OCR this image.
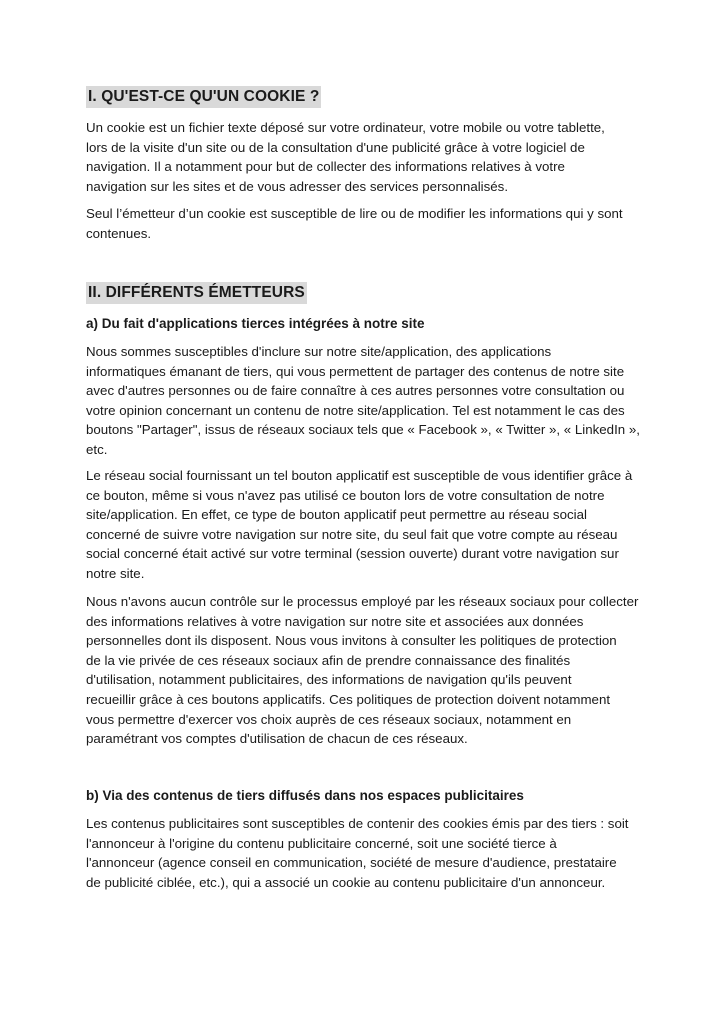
I. QU'EST-CE QU'UN COOKIE ?

Un cookie est un fichier texte déposé sur votre ordinateur, votre mobile ou votre tablette,
lors de la visite d'un site ou de la consultation d'une publicité grâce à votre logiciel de
navigation. Il a notamment pour but de collecter des informations relatives à votre
navigation sur les sites et de vous adresser des services personnalisés.

Seul l’émetteur d’un cookie est susceptible de lire ou de modifier les informations qui y sont
contenues.

II. DIFFÉRENTS ÉMETTEURS
a) Du fait d'applications tierces intégrées à notre site

Nous sommes susceptibles d'inclure sur notre site/application, des applications
informatiques émanant de tiers, qui vous permettent de partager des contenus de notre site
avec d'autres personnes ou de faire connaître à ces autres personnes votre consultation ou
votre opinion concernant un contenu de notre site/application. Tel est notamment le cas des
boutons "Partager", issus de réseaux sociaux tels que « Facebook », « Twitter », « LinkedIn »,
etc.

Le réseau social fournissant un tel bouton applicatif est susceptible de vous identifier grâce à
ce bouton, même si vous n'avez pas utilisé ce bouton lors de votre consultation de notre
site/application. En effet, ce type de bouton applicatif peut permettre au réseau social
concerné de suivre votre navigation sur notre site, du seul fait que votre compte au réseau
social concerné était activé sur votre terminal (session ouverte) durant votre navigation sur
notre site.

Nous n'avons aucun contrôle sur le processus employé par les réseaux sociaux pour collecter
des informations relatives à votre navigation sur notre site et associées aux données
personnelles dont ils disposent. Nous vous invitons à consulter les politiques de protection
de la vie privée de ces réseaux sociaux afin de prendre connaissance des finalités
d'utilisation, notamment publicitaires, des informations de navigation qu'ils peuvent
recueillir grâce à ces boutons applicatifs. Ces politiques de protection doivent notamment
vous permettre d'exercer vos choix auprès de ces réseaux sociaux, notamment en
paramétrant vos comptes d'utilisation de chacun de ces réseaux.

b) Via des contenus de tiers diffusés dans nos espaces publicitaires

Les contenus publicitaires sont susceptibles de contenir des cookies émis par des tiers : soit
l'annonceur à l'origine du contenu publicitaire concerné, soit une société tierce à
l'annonceur (agence conseil en communication, société de mesure d'audience, prestataire
de publicité ciblée, etc.), qui a associé un cookie au contenu publicitaire d'un annonceur.
